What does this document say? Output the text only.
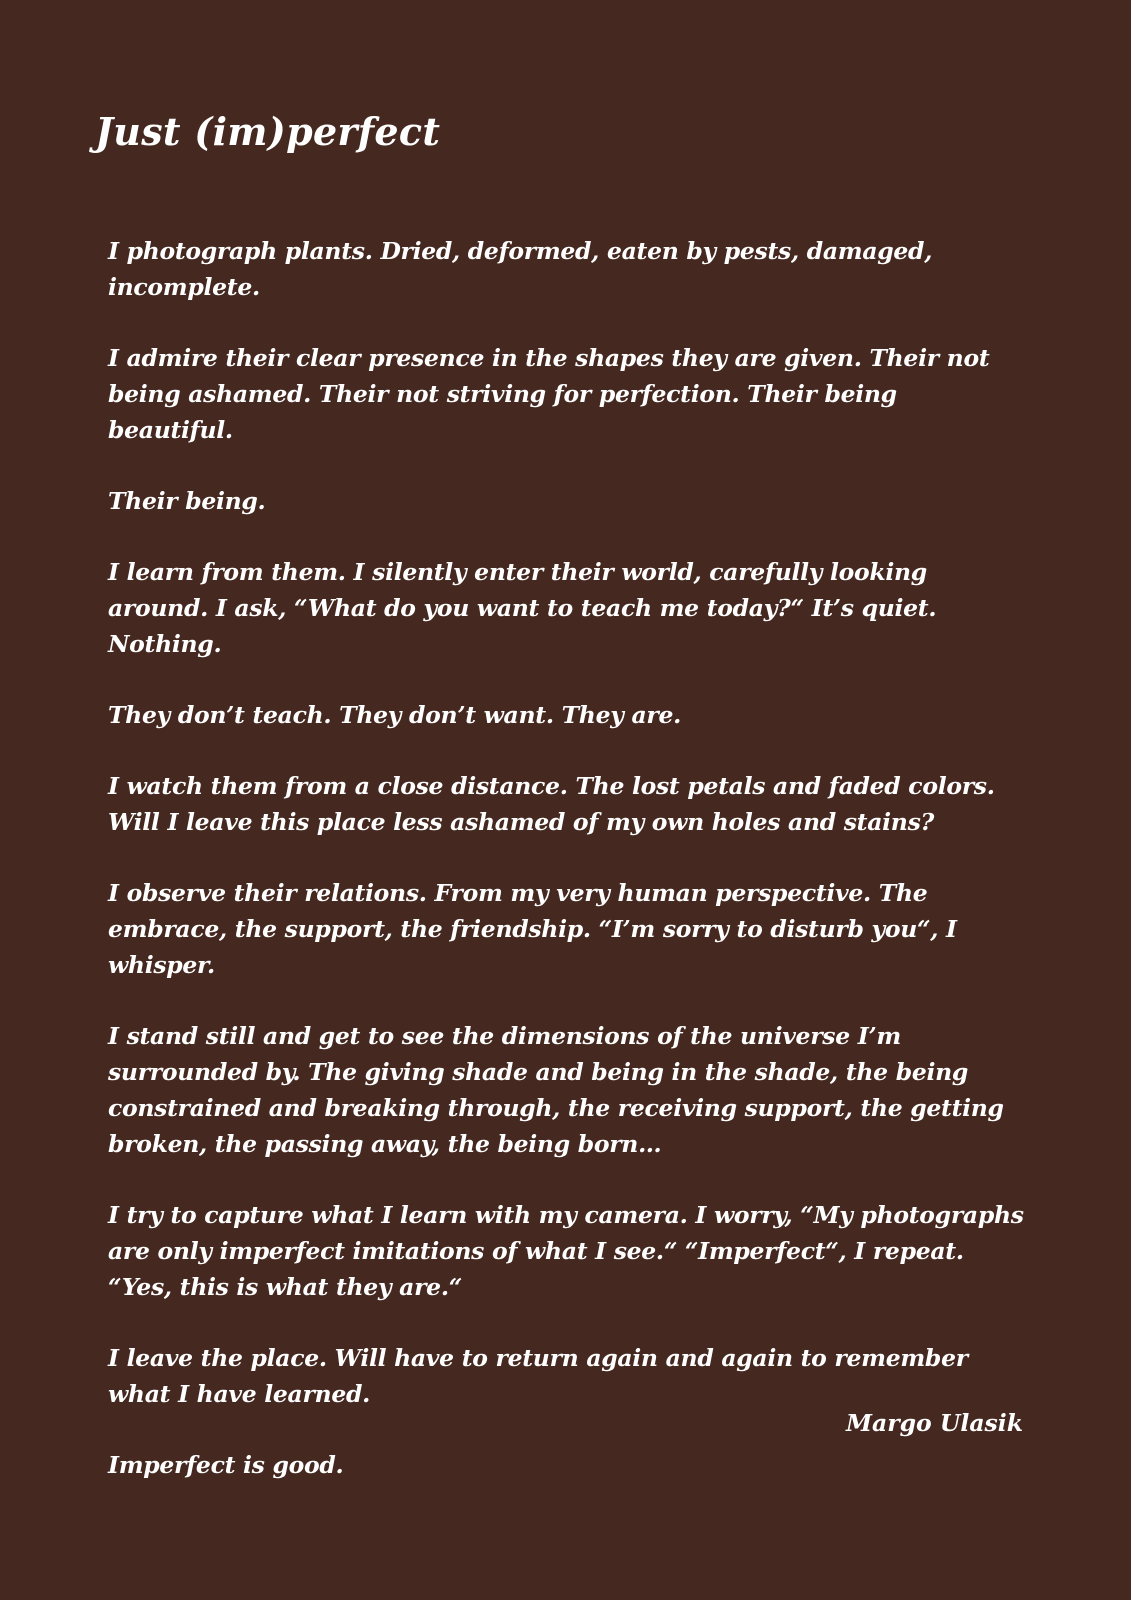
Just (im)perfect

I photograph plants. Dried, deformed, eaten by pests, damaged, incomplete.

I admire their clear presence in the shapes they are given. Their not being ashamed. Their not striving for perfection. Their being beautiful.

Their being.

I learn from them. I silently enter their world, carefully looking around. I ask, “What do you want to teach me today?“ It’s quiet. Nothing.

They don’t teach. They don’t want. They are.

I watch them from a close distance. The lost petals and faded colors. Will I leave this place less ashamed of my own holes and stains?

I observe their relations. From my very human perspective. The embrace, the support, the friendship. “I’m sorry to disturb you“, I whisper.

I stand still and get to see the dimensions of the universe I’m surrounded by. The giving shade and being in the shade, the being constrained and breaking through, the receiving support, the getting broken, the passing away, the being born…

I try to capture what I learn with my camera. I worry, “My photographs are only imperfect imitations of what I see.“ “Imperfect“, I repeat. “Yes, this is what they are.“

I leave the place. Will have to return again and again to remember what I have learned.

Imperfect is good.

Margo Ulasik
